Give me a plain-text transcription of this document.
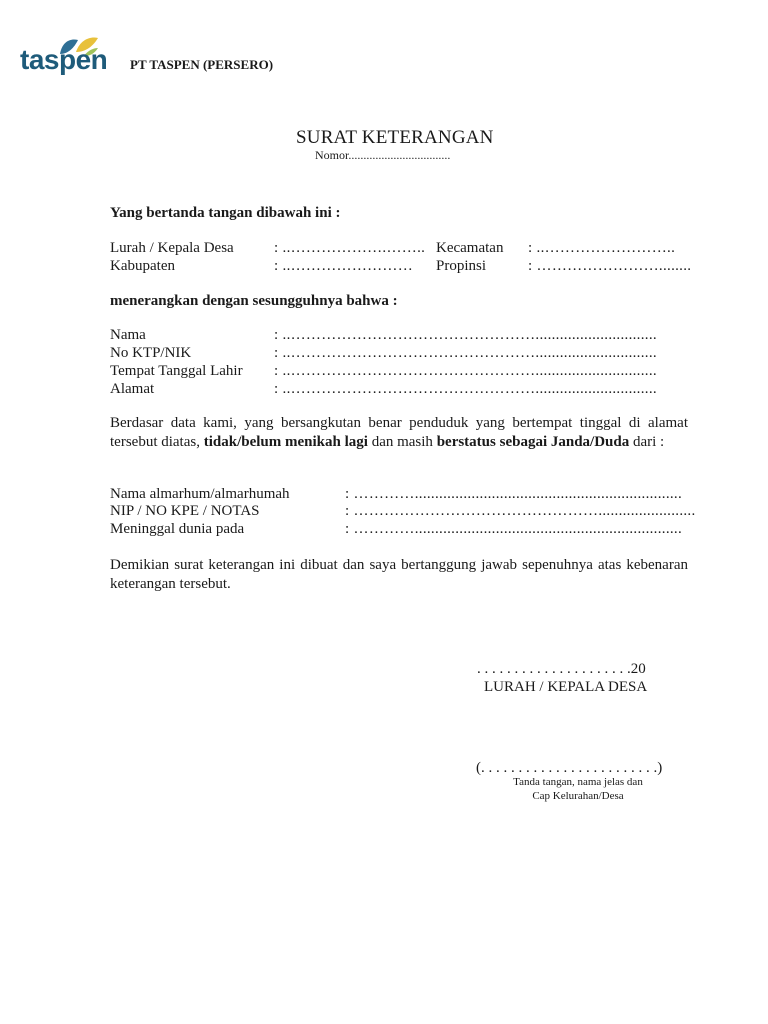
taspen PT TASPEN (PERSERO)
SURAT KETERANGAN
Nomor..................................
Yang bertanda tangan dibawah ini :
Lurah / Kepala Desa	: ..……………….…….. Kecamatan : ..……………………..
Kabupaten	: ..…………………… Propinsi	: ……………………........
menerangkan dengan sesungguhnya bahwa :
Nama	: ..…………………………………………..............................
No KTP/NIK	: ..…………………………………………..............................
Tempat Tanggal Lahir : ..…………………………………………..............................
Alamat	: ..…………………………………………..............................
Berdasar data kami, yang bersangkutan benar penduduk yang bertempat tinggal di alamat tersebut diatas, tidak/belum menikah lagi dan masih berstatus sebagai Janda/Duda dari :
Nama almarhum/almarhumah	: …………..................................................................
NIP / NO KPE / NOTAS	: …………………………………………........................
Meninggal dunia pada	: …………..................................................................
Demikian surat keterangan ini dibuat dan saya bertanggung jawab sepenuhnya atas kebenaran keterangan tersebut.
. . . . . . . . . . . . . . . . . . . . .20
LURAH / KEPALA DESA
(. . . . . . . . . . . . . . . . . . . . . . . .)
Tanda tangan, nama jelas dan
Cap Kelurahan/Desa
